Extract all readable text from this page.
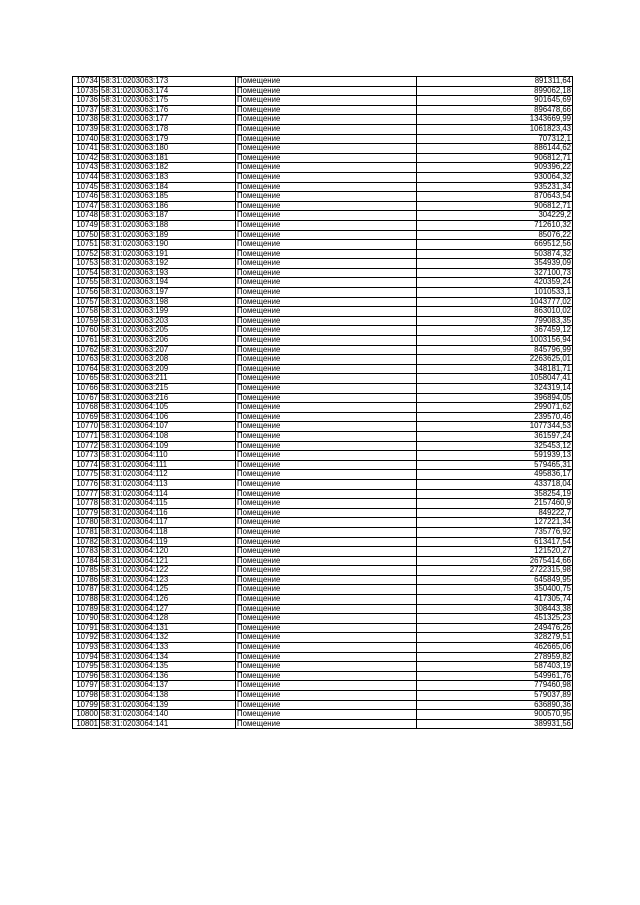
10734	58:31:0203063:173	Помещение	891311,64
10735	58:31:0203063:174	Помещение	899062,18
10736	58:31:0203063:175	Помещение	901645,69
10737	58:31:0203063:176	Помещение	896478,66
10738	58:31:0203063:177	Помещение	1343669,99
10739	58:31:0203063:178	Помещение	1061823,43
10740	58:31:0203063:179	Помещение	707312,1
10741	58:31:0203063:180	Помещение	886144,62
10742	58:31:0203063:181	Помещение	906812,71
10743	58:31:0203063:182	Помещение	909396,22
10744	58:31:0203063:183	Помещение	930064,32
10745	58:31:0203063:184	Помещение	935231,34
10746	58:31:0203063:185	Помещение	870643,54
10747	58:31:0203063:186	Помещение	906812,71
10748	58:31:0203063:187	Помещение	304229,2
10749	58:31:0203063:188	Помещение	712610,32
10750	58:31:0203063:189	Помещение	85076,22
10751	58:31:0203063:190	Помещение	669512,56
10752	58:31:0203063:191	Помещение	503874,32
10753	58:31:0203063:192	Помещение	354939,09
10754	58:31:0203063:193	Помещение	327100,73
10755	58:31:0203063:194	Помещение	420359,24
10756	58:31:0203063:197	Помещение	1010533,1
10757	58:31:0203063:198	Помещение	1043777,02
10758	58:31:0203063:199	Помещение	863010,02
10759	58:31:0203063:203	Помещение	799083,35
10760	58:31:0203063:205	Помещение	367459,12
10761	58:31:0203063:206	Помещение	1003156,94
10762	58:31:0203063:207	Помещение	845796,99
10763	58:31:0203063:208	Помещение	2263625,01
10764	58:31:0203063:209	Помещение	348181,71
10765	58:31:0203063:211	Помещение	1058047,41
10766	58:31:0203063:215	Помещение	324319,14
10767	58:31:0203063:216	Помещение	396894,05
10768	58:31:0203064:105	Помещение	299071,62
10769	58:31:0203064:106	Помещение	239570,46
10770	58:31:0203064:107	Помещение	1077344,53
10771	58:31:0203064:108	Помещение	361597,24
10772	58:31:0203064:109	Помещение	325453,12
10773	58:31:0203064:110	Помещение	591939,13
10774	58:31:0203064:111	Помещение	579465,31
10775	58:31:0203064:112	Помещение	495836,17
10776	58:31:0203064:113	Помещение	433718,04
10777	58:31:0203064:114	Помещение	358254,19
10778	58:31:0203064:115	Помещение	2157460,9
10779	58:31:0203064:116	Помещение	849222,7
10780	58:31:0203064:117	Помещение	127221,34
10781	58:31:0203064:118	Помещение	735776,92
10782	58:31:0203064:119	Помещение	613417,54
10783	58:31:0203064:120	Помещение	121520,27
10784	58:31:0203064:121	Помещение	2675414,66
10785	58:31:0203064:122	Помещение	2722315,98
10786	58:31:0203064:123	Помещение	645849,95
10787	58:31:0203064:125	Помещение	350400,75
10788	58:31:0203064:126	Помещение	417305,74
10789	58:31:0203064:127	Помещение	308443,38
10790	58:31:0203064:128	Помещение	451325,23
10791	58:31:0203064:131	Помещение	249476,26
10792	58:31:0203064:132	Помещение	328279,51
10793	58:31:0203064:133	Помещение	462665,06
10794	58:31:0203064:134	Помещение	278959,82
10795	58:31:0203064:135	Помещение	587403,19
10796	58:31:0203064:136	Помещение	549961,76
10797	58:31:0203064:137	Помещение	779460,98
10798	58:31:0203064:138	Помещение	579037,89
10799	58:31:0203064:139	Помещение	636890,36
10800	58:31:0203064:140	Помещение	900570,95
10801	58:31:0203064:141	Помещение	389931,56
